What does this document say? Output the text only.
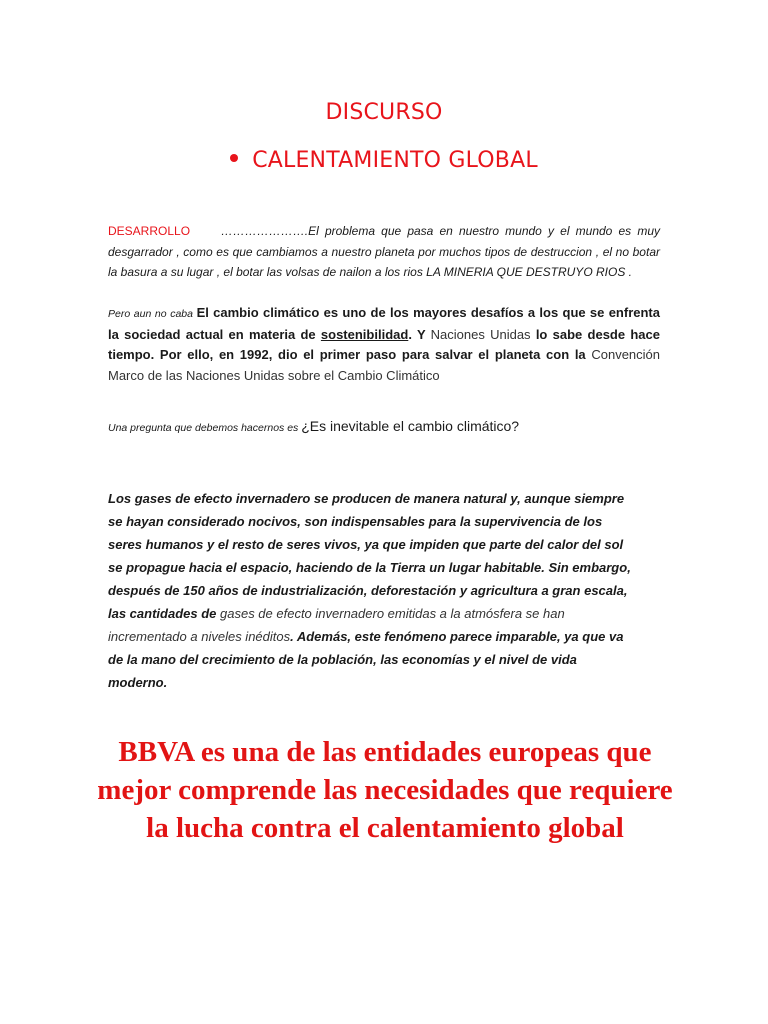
DISCURSO
CALENTAMIENTO GLOBAL
DESARROLLO	………………….El problema que pasa en nuestro mundo y el mundo es muy desgarrador , como es que cambiamos a nuestro planeta por muchos tipos de destruccion , el no botar la basura a su lugar , el botar las volsas de nailon a los rios LA MINERIA QUE DESTRUYO RIOS .
Pero aun no caba El cambio climático es uno de los mayores desafíos a los que se enfrenta la sociedad actual en materia de sostenibilidad. Y Naciones Unidas lo sabe desde hace tiempo. Por ello, en 1992, dio el primer paso para salvar el planeta con la Convención Marco de las Naciones Unidas sobre el Cambio Climático
Una pregunta que debemos hacernos es ¿Es inevitable el cambio climático?
Los gases de efecto invernadero se producen de manera natural y, aunque siempre se hayan considerado nocivos, son indispensables para la supervivencia de los seres humanos y el resto de seres vivos, ya que impiden que parte del calor del sol se propague hacia el espacio, haciendo de la Tierra un lugar habitable. Sin embargo, después de 150 años de industrialización, deforestación y agricultura a gran escala, las cantidades de gases de efecto invernadero emitidas a la atmósfera se han incrementado a niveles inéditos. Además, este fenómeno parece imparable, ya que va de la mano del crecimiento de la población, las economías y el nivel de vida moderno.
BBVA es una de las entidades europeas que mejor comprende las necesidades que requiere la lucha contra el calentamiento global
